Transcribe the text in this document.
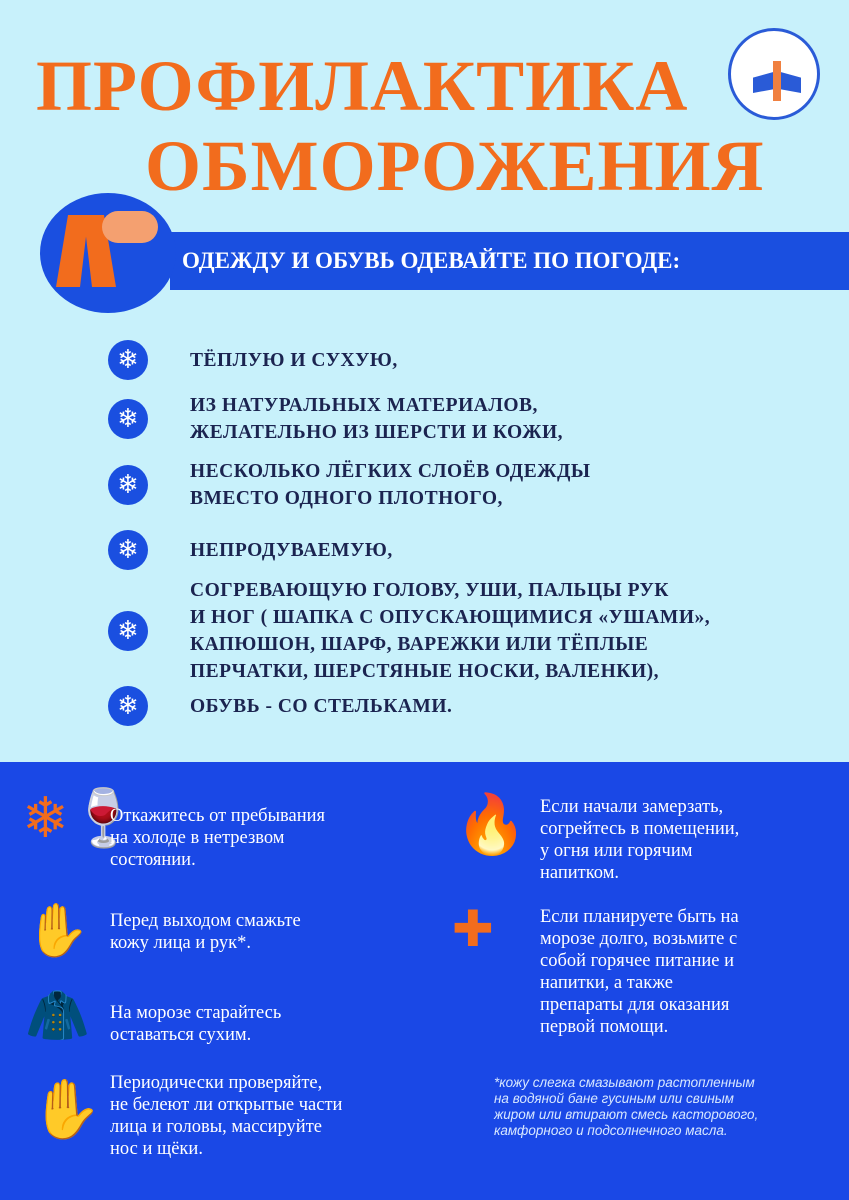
ПРОФИЛАКТИКА
ОБМОРОЖЕНИЯ
ОДЕЖДУ И ОБУВЬ ОДЕВАЙТЕ ПО ПОГОДЕ:
❄	ТЁПЛУЮ И СУХУЮ,
❄	ИЗ НАТУРАЛЬНЫХ МАТЕРИАЛОВ,
ЖЕЛАТЕЛЬНО ИЗ ШЕРСТИ И КОЖИ,
❄	НЕСКОЛЬКО ЛЁГКИХ СЛОЁВ ОДЕЖДЫ
ВМЕСТО ОДНОГО ПЛОТНОГО,
❄	НЕПРОДУВАЕМУЮ,
❄
СОГРЕВАЮЩУЮ ГОЛОВУ, УШИ, ПАЛЬЦЫ РУК
И НОГ ( ШАПКА С ОПУСКАЮЩИМИСЯ «УШАМИ»,
КАПЮШОН, ШАРФ, ВАРЕЖКИ ИЛИ ТЁПЛЫЕ
ПЕРЧАТКИ, ШЕРСТЯНЫЕ НОСКИ, ВАЛЕНКИ),
❄	ОБУВЬ - СО СТЕЛЬКАМИ.
❄🍷
Откажитесь от пребывания
на холоде в нетрезвом
состоянии.
✋ Перед выходом смажьте
кожу лица и рук*.
🧥 На морозе старайтесь
оставаться сухим.
✋ Периодически проверяйте,
не белеют ли открытые части
лица и головы, массируйте
нос и щёки.
🔥 Если начали замерзать,
согрейтесь в помещении,
у огня или горячим
напитком.
✚ Если планируете быть на
морозе долго, возьмите с
собой горячее питание и
напитки, а также
препараты для оказания
первой помощи.
*кожу слегка смазывают растопленным
на водяной бане гусиным или свиным
жиром или втирают смесь касторового,
камфорного и подсолнечного масла.
